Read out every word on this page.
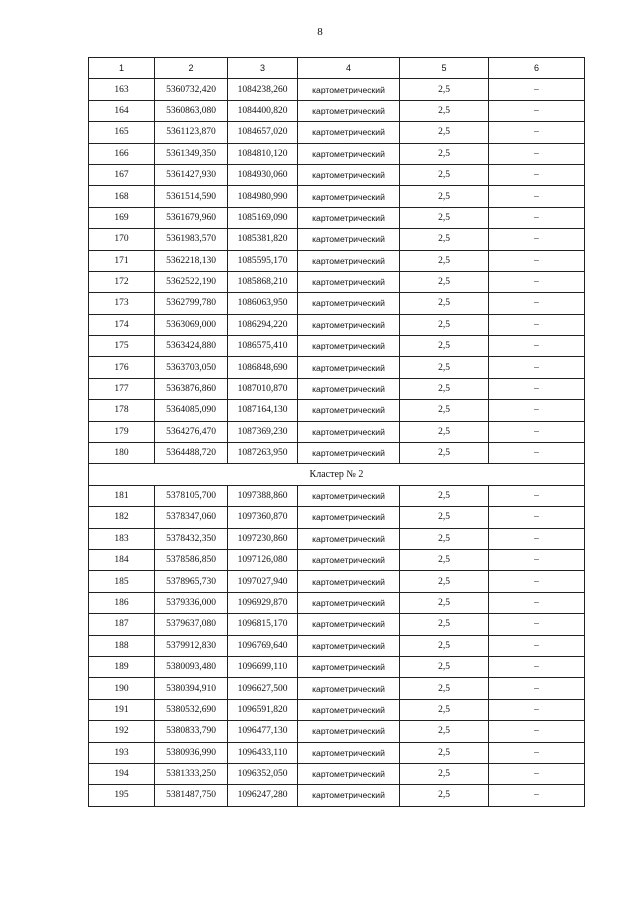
8
1	2	3	4	5	6
163	5360732,420	1084238,260	картометрический	2,5	–
164	5360863,080	1084400,820	картометрический	2,5	–
165	5361123,870	1084657,020	картометрический	2,5	–
166	5361349,350	1084810,120	картометрический	2,5	–
167	5361427,930	1084930,060	картометрический	2,5	–
168	5361514,590	1084980,990	картометрический	2,5	–
169	5361679,960	1085169,090	картометрический	2,5	–
170	5361983,570	1085381,820	картометрический	2,5	–
171	5362218,130	1085595,170	картометрический	2,5	–
172	5362522,190	1085868,210	картометрический	2,5	–
173	5362799,780	1086063,950	картометрический	2,5	–
174	5363069,000	1086294,220	картометрический	2,5	–
175	5363424,880	1086575,410	картометрический	2,5	–
176	5363703,050	1086848,690	картометрический	2,5	–
177	5363876,860	1087010,870	картометрический	2,5	–
178	5364085,090	1087164,130	картометрический	2,5	–
179	5364276,470	1087369,230	картометрический	2,5	–
180	5364488,720	1087263,950	картометрический	2,5	–
Кластер № 2					
181	5378105,700	1097388,860	картометрический	2,5	–
182	5378347,060	1097360,870	картометрический	2,5	–
183	5378432,350	1097230,860	картометрический	2,5	–
184	5378586,850	1097126,080	картометрический	2,5	–
185	5378965,730	1097027,940	картометрический	2,5	–
186	5379336,000	1096929,870	картометрический	2,5	–
187	5379637,080	1096815,170	картометрический	2,5	–
188	5379912,830	1096769,640	картометрический	2,5	–
189	5380093,480	1096699,110	картометрический	2,5	–
190	5380394,910	1096627,500	картометрический	2,5	–
191	5380532,690	1096591,820	картометрический	2,5	–
192	5380833,790	1096477,130	картометрический	2,5	–
193	5380936,990	1096433,110	картометрический	2,5	–
194	5381333,250	1096352,050	картометрический	2,5	–
195	5381487,750	1096247,280	картометрический	2,5	–
